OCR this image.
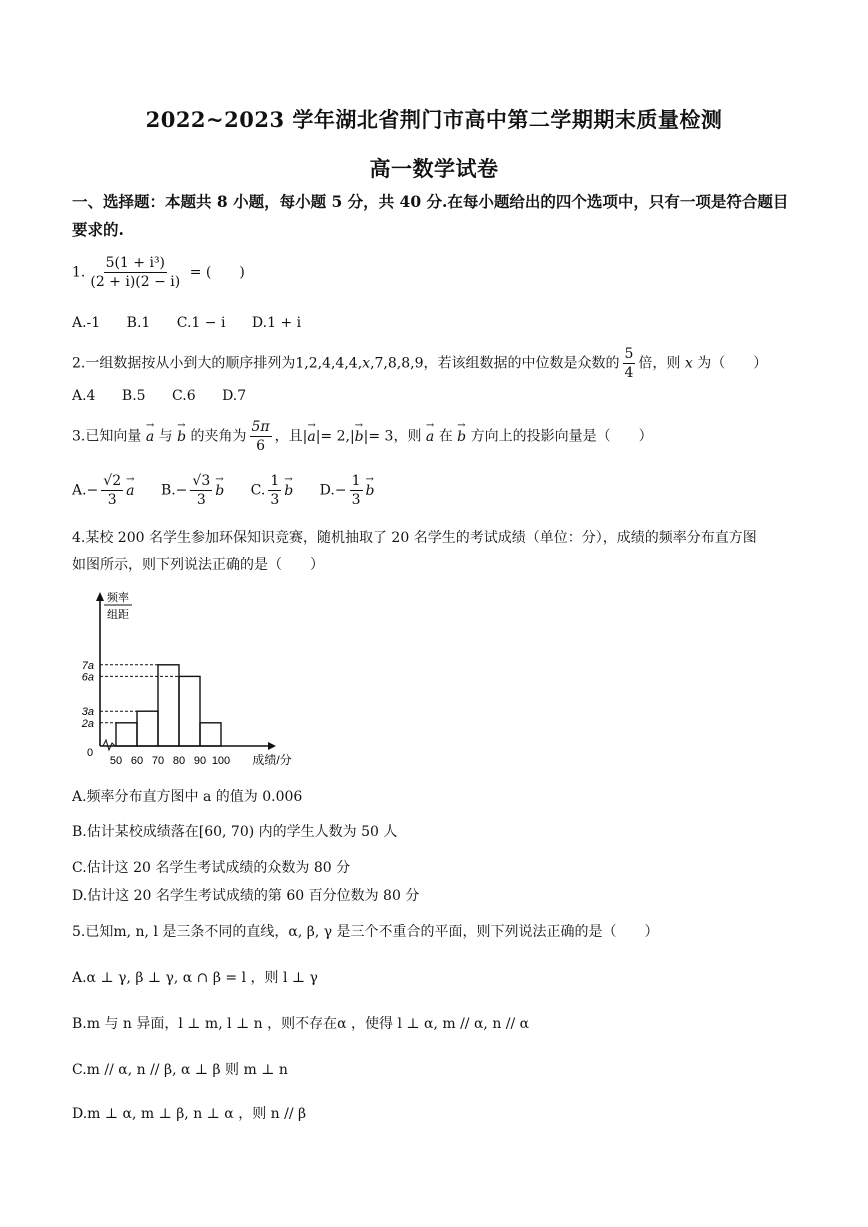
2022~2023 学年湖北省荆门市高中第二学期期末质量检测
高一数学试卷
一、选择题：本题共 8 小题，每小题 5 分，共 40 分.在每小题给出的四个选项中，只有一项是符合题目要求的.
1. $\frac{\text{5(1 + i³)}}{(2 + i)(2 - i)}$ = (　　)
A.-1 B.1 C.1 − i D.1 + i
2.一组数据按从小到大的顺序排列为1,2,4,4,4,x,7,8,8,9，若该组数据的中位数是众数的 $\frac{5}{4}$ 倍，则 x 为（　　）
A.4 B.5 C.6 D.7
3.已知向量 → a 与 → b 的夹角为 $\frac{5\pi}{6}$ ，且|→ a|= 2,|→ b|= 3，则 → a 在 → b 方向上的投影向量是（　　）
$A.- \frac{√2}{3}$
→ a $B.- \frac{√3}{3}$
→ b C. $\frac{1}{3}$
→ b $D.- \frac{1}{3}$
→ b
4.某校 200 名学生参加环保知识竞赛，随机抽取了 20 名学生的考试成绩（单位：分），成绩的频率分布直方图
如图所示，则下列说法正确的是（　　）
50 60 70 80 90 100
2a
3a
6a
7a
0
频率
组距
成绩/分
A.频率分布直方图中 a 的值为 0.006
B.估计某校成绩落在[60, 70) 内的学生人数为 50 人
C.估计这 20 名学生考试成绩的众数为 80 分
D.估计这 20 名学生考试成绩的第 60 百分位数为 80 分
5.已知m, n, l 是三条不同的直线，α, β, γ 是三个不重合的平面，则下列说法正确的是（　　）
A.α ⊥ γ, β ⊥ γ, α ∩ β = l ，则 l ⊥ γ
B.m 与 n 异面，l ⊥ m, l ⊥ n ，则不存在α ，使得 l ⊥ α, m // α, n // α
C.m // α, n // β, α ⊥ β 则 m ⊥ n
D.m ⊥ α, m ⊥ β, n ⊥ α ，则 n // β
